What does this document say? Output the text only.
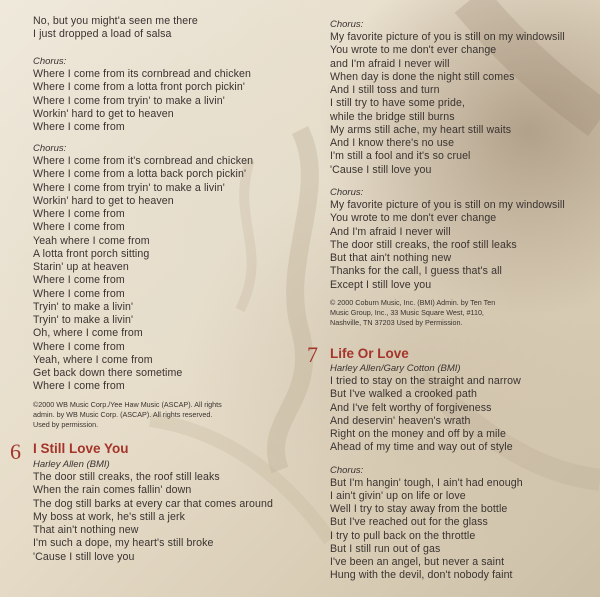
No, but you might'a seen me there
I just dropped a load of salsa
Chorus:
Where I come from its cornbread and chicken
Where I come from a lotta front porch pickin'
Where I come from tryin' to make a livin'
Workin' hard to get to heaven
Where I come from
Chorus:
Where I come from it's cornbread and chicken
Where I come from a lotta back porch pickin'
Where I come from tryin' to make a livin'
Workin' hard to get to heaven
Where I come from
Where I come from
Yeah where I come from
A lotta front porch sitting
Starin' up at heaven
Where I come from
Where I come from
Tryin' to make a livin'
Tryin' to make a livin'
Oh, where I come from
Where I come from
Yeah, where I come from
Get back down there sometime
Where I come from
©2000 WB Music Corp./Yee Haw Music (ASCAP). All rights
admin. by WB Music Corp. (ASCAP). All rights reserved.
Used by permission.
6 I Still Love You
Harley Allen (BMI)
The door still creaks, the roof still leaks
When the rain comes fallin' down
The dog still barks at every car that comes around
My boss at work, he's still a jerk
That ain't nothing new
I'm such a dope, my heart's still broke
'Cause I still love you
Chorus:
My favorite picture of you is still on my windowsill
You wrote to me don't ever change
and I'm afraid I never will
When day is done the night still comes
And I still toss and turn
I still try to have some pride,
while the bridge still burns
My arms still ache, my heart still waits
And I know there's no use
I'm still a fool and it's so cruel
'Cause I still love you
Chorus:
My favorite picture of you is still on my windowsill
You wrote to me don't ever change
And I'm afraid I never will
The door still creaks, the roof still leaks
But that ain't nothing new
Thanks for the call, I guess that's all
Except I still love you
© 2000 Coburn Music, Inc. (BMI) Admin. by Ten Ten
Music Group, Inc., 33 Music Square West, #110,
Nashville, TN 37203 Used by Permission.
7 Life Or Love
Harley Allen/Gary Cotton (BMI)
I tried to stay on the straight and narrow
But I've walked a crooked path
And I've felt worthy of forgiveness
And deservin' heaven's wrath
Right on the money and off by a mile
Ahead of my time and way out of style
Chorus:
But I'm hangin' tough, I ain't had enough
I ain't givin' up on life or love
Well I try to stay away from the bottle
But I've reached out for the glass
I try to pull back on the throttle
But I still run out of gas
I've been an angel, but never a saint
Hung with the devil, don't nobody faint
